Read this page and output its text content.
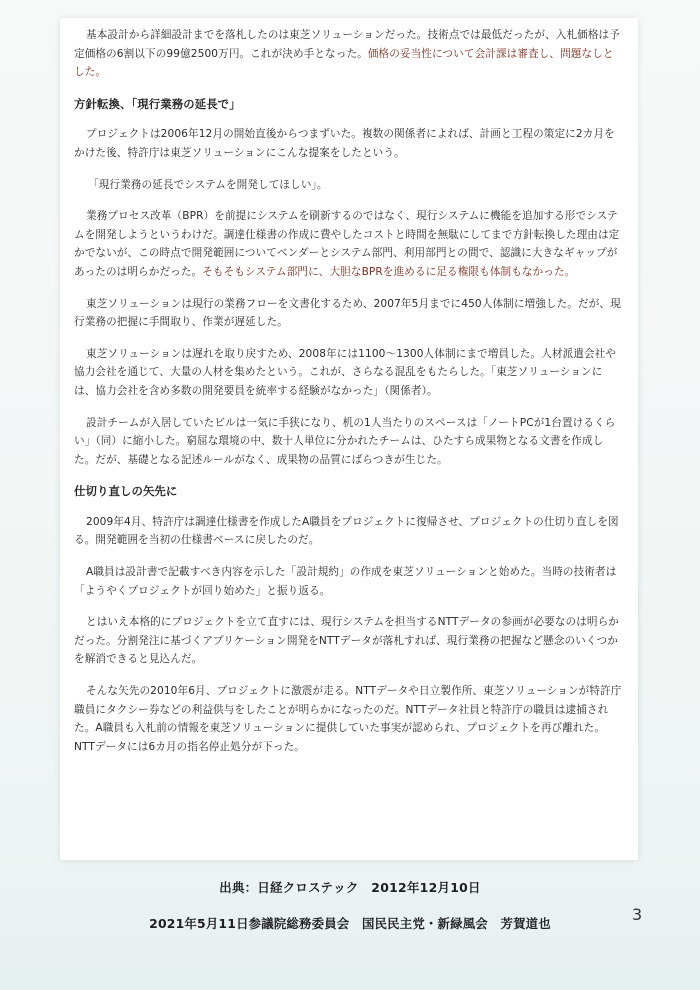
基本設計から詳細設計までを落札したのは東芝ソリューションだった。技術点では最低だったが、入札価格は予定価格の6割以下の99億2500万円。これが決め手となった。価格の妥当性について会計課は審査し、問題なしとした。

方針転換、「現行業務の延長で」

プロジェクトは2006年12月の開始直後からつまずいた。複数の関係者によれば、計画と工程の策定に2カ月をかけた後、特許庁は東芝ソリューションにこんな提案をしたという。

「現行業務の延長でシステムを開発してほしい」。

業務プロセス改革（BPR）を前提にシステムを刷新するのではなく、現行システムに機能を追加する形でシステムを開発しようというわけだ。調達仕様書の作成に費やしたコストと時間を無駄にしてまで方針転換した理由は定かでないが、この時点で開発範囲についてベンダーとシステム部門、利用部門との間で、認識に大きなギャップがあったのは明らかだった。そもそもシステム部門に、大胆なBPRを進めるに足る権限も体制もなかった。

東芝ソリューションは現行の業務フローを文書化するため、2007年5月までに450人体制に増強した。だが、現行業務の把握に手間取り、作業が遅延した。

東芝ソリューションは遅れを取り戻すため、2008年には1100～1300人体制にまで増員した。人材派遣会社や協力会社を通じて、大量の人材を集めたという。これが、さらなる混乱をもたらした。「東芝ソリューションには、協力会社を含め多数の開発要員を統率する経験がなかった」（関係者）。

設計チームが入居していたビルは一気に手狭になり、机の1人当たりのスペースは「ノートPCが1台置けるくらい」（同）に縮小した。窮屈な環境の中、数十人単位に分かれたチームは、ひたすら成果物となる文書を作成した。だが、基礎となる記述ルールがなく、成果物の品質にばらつきが生じた。

仕切り直しの矢先に

2009年4月、特許庁は調達仕様書を作成したA職員をプロジェクトに復帰させ、プロジェクトの仕切り直しを図る。開発範囲を当初の仕様書ベースに戻したのだ。

A職員は設計書で記載すべき内容を示した「設計規約」の作成を東芝ソリューションと始めた。当時の技術者は「ようやくプロジェクトが回り始めた」と振り返る。

とはいえ本格的にプロジェクトを立て直すには、現行システムを担当するNTTデータの参画が必要なのは明らかだった。分割発注に基づくアプリケーション開発をNTTデータが落札すれば、現行業務の把握など懸念のいくつかを解消できると見込んだ。

そんな矢先の2010年6月、プロジェクトに激震が走る。NTTデータや日立製作所、東芝ソリューションが特許庁職員にタクシー券などの利益供与をしたことが明らかになったのだ。NTTデータ社員と特許庁の職員は逮捕された。A職員も入札前の情報を東芝ソリューションに提供していた事実が認められ、プロジェクトを再び離れた。NTTデータには6カ月の指名停止処分が下った。

出典：日経クロステック　2012年12月10日
2021年5月11日参議院総務委員会　国民民主党・新緑風会　芳賀道也	3
